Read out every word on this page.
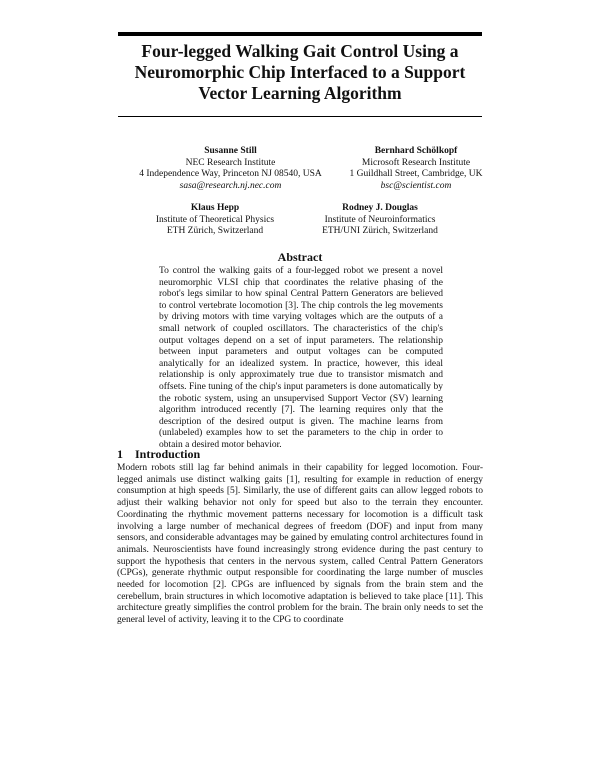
Four-legged Walking Gait Control Using a Neuromorphic Chip Interfaced to a Support Vector Learning Algorithm
Susanne Still
NEC Research Institute
4 Independence Way, Princeton NJ 08540, USA
sasa@research.nj.nec.com
Bernhard Schölkopf
Microsoft Research Institute
1 Guildhall Street, Cambridge, UK
bsc@scientist.com
Klaus Hepp
Institute of Theoretical Physics
ETH Zürich, Switzerland
Rodney J. Douglas
Institute of Neuroinformatics
ETH/UNI Zürich, Switzerland
Abstract

To control the walking gaits of a four-legged robot we present a novel neuromorphic VLSI chip that coordinates the relative phasing of the robot's legs similar to how spinal Central Pattern Generators are believed to control vertebrate locomotion [3]. The chip controls the leg movements by driving motors with time varying voltages which are the outputs of a small network of coupled oscillators. The characteristics of the chip's output voltages depend on a set of input parameters. The relationship between input parameters and output voltages can be computed analytically for an idealized system. In practice, however, this ideal relationship is only approximately true due to transistor mismatch and offsets. Fine tuning of the chip's input parameters is done automatically by the robotic system, using an unsupervised Support Vector (SV) learning algorithm introduced recently [7]. The learning requires only that the description of the desired output is given. The machine learns from (unlabeled) examples how to set the parameters to the chip in order to obtain a desired motor behavior.

1 Introduction

Modern robots still lag far behind animals in their capability for legged locomotion. Four-legged animals use distinct walking gaits [1], resulting for example in reduction of energy consumption at high speeds [5]. Similarly, the use of different gaits can allow legged robots to adjust their walking behavior not only for speed but also to the terrain they encounter. Coordinating the rhythmic movement patterns necessary for locomotion is a difficult task involving a large number of mechanical degrees of freedom (DOF) and input from many sensors, and considerable advantages may be gained by emulating control architectures found in animals. Neuroscientists have found increasingly strong evidence during the past century to support the hypothesis that centers in the nervous system, called Central Pattern Generators (CPGs), generate rhythmic output responsible for coordinating the large number of muscles needed for locomotion [2]. CPGs are influenced by signals from the brain stem and the cerebellum, brain structures in which locomotive adaptation is believed to take place [11]. This architecture greatly simplifies the control problem for the brain. The brain only needs to set the general level of activity, leaving it to the CPG to coordinate
